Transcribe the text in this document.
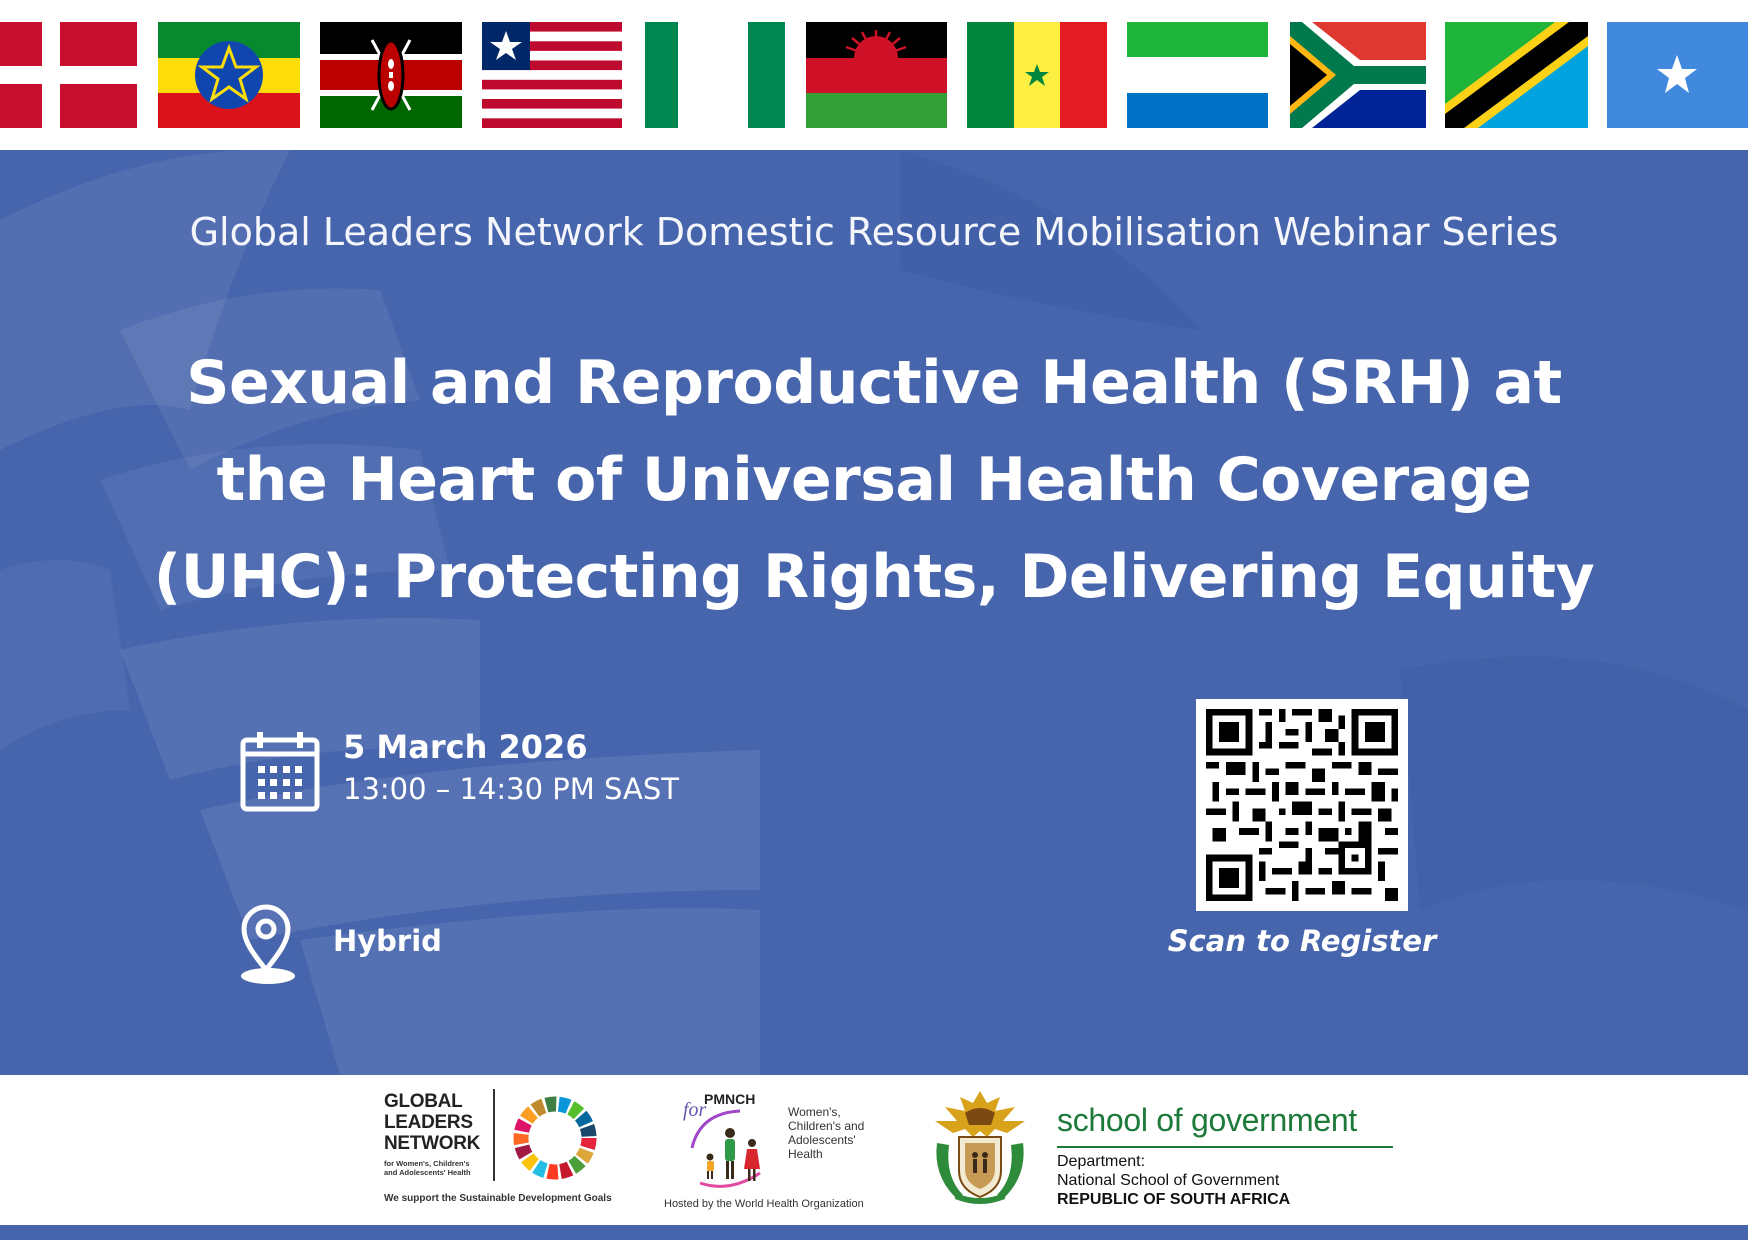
Global Leaders Network Domestic Resource Mobilisation Webinar Series
Sexual and Reproductive Health (SRH) at
the Heart of Universal Health Coverage
(UHC): Protecting Rights, Delivering Equity
5 March 2026
13:00 – 14:30 PM SAST
Hybrid	Scan to Register
GLOBAL
LEADERS
NETWORK
for Women's, Children's
and Adolescents' Health
We support the Sustainable Development Goals
for
PMNCH
Women's,
Children's and
Adolescents'
Health
Hosted by the World Health Organization
school of government
Department:
National School of Government
REPUBLIC OF SOUTH AFRICA
